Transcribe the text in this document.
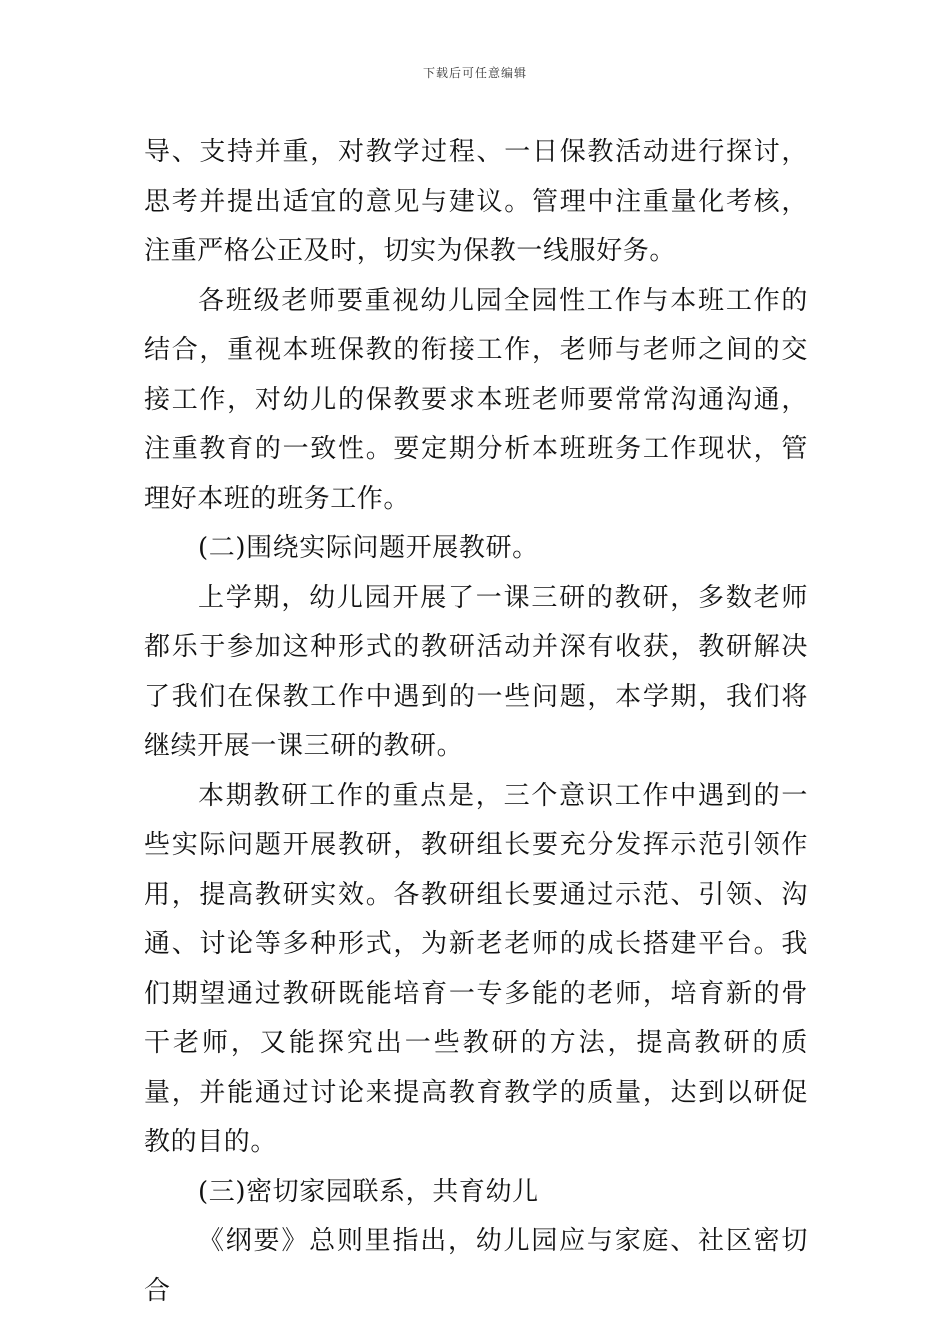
下载后可任意编辑

导、支持并重，对教学过程、一日保教活动进行探讨，思考并提出适宜的意见与建议。管理中注重量化考核，注重严格公正及时，切实为保教一线服好务。

各班级老师要重视幼儿园全园性工作与本班工作的结合，重视本班保教的衔接工作，老师与老师之间的交接工作，对幼儿的保教要求本班老师要常常沟通沟通，注重教育的一致性。要定期分析本班班务工作现状，管理好本班的班务工作。

(二)围绕实际问题开展教研。

上学期，幼儿园开展了一课三研的教研，多数老师都乐于参加这种形式的教研活动并深有收获，教研解决了我们在保教工作中遇到的一些问题，本学期，我们将继续开展一课三研的教研。

本期教研工作的重点是，三个意识工作中遇到的一些实际问题开展教研，教研组长要充分发挥示范引领作用，提高教研实效。各教研组长要通过示范、引领、沟通、讨论等多种形式，为新老老师的成长搭建平台。我们期望通过教研既能培育一专多能的老师，培育新的骨干老师，又能探究出一些教研的方法，提高教研的质量，并能通过讨论来提高教育教学的质量，达到以研促教的目的。

(三)密切家园联系，共育幼儿

《纲要》总则里指出，幼儿园应与家庭、社区密切合
